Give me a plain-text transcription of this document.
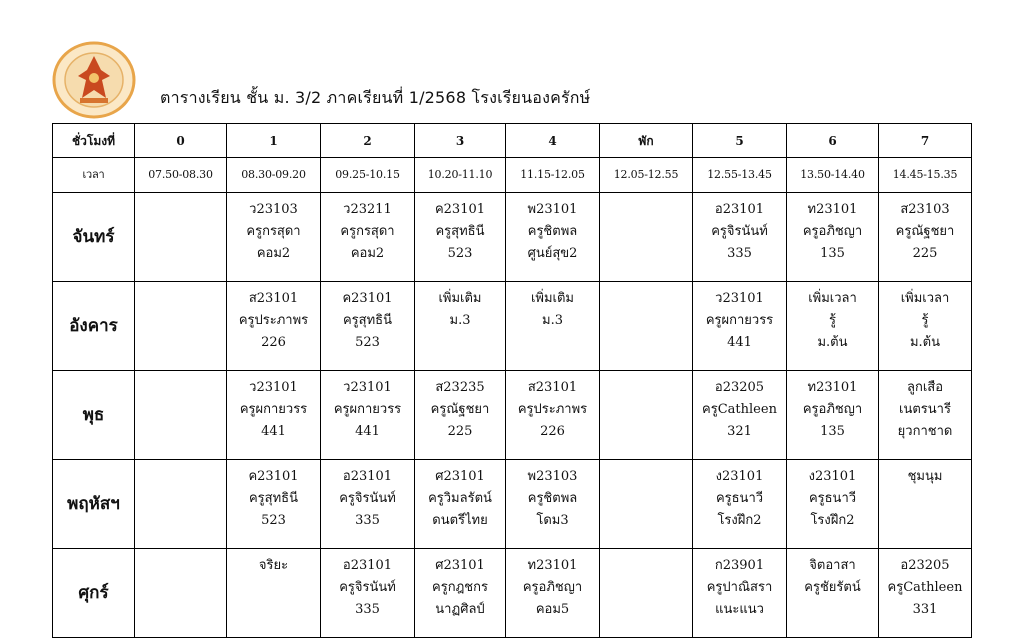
ตารางเรียน ชั้น ม. 3/2 ภาคเรียนที่ 1/2568 โรงเรียนองครักษ์
ชั่วโมงที่	0	1	2	3	4	พัก	5	6	7
เวลา	07.50-08.30	08.30-09.20	09.25-10.15	10.20-11.10	11.15-12.05	12.05-12.55	12.55-13.45	13.50-14.40	14.45-15.35
จันทร์		ว23103
ครูกรสุดา
คอม2	ว23211
ครูกรสุดา
คอม2	ค23101
ครูสุทธินี
523	พ23101
ครูชิตพล
ศูนย์สุข2		อ23101
ครูจิรนันท์
335	ท23101
ครูอภิชญา
135	ส23103
ครูณัฐชยา
225

อังคาร		ส23101
ครูประภาพร
226	ค23101
ครูสุทธินี
523	เพิ่มเติม
ม.3	เพิ่มเติม
ม.3		ว23101
ครูผกายวรร
441	เพิ่มเวลา
รู้
ม.ต้น	เพิ่มเวลา
รู้
ม.ต้น

พุธ		ว23101
ครูผกายวรร
441	ว23101
ครูผกายวรร
441	ส23235
ครูณัฐชยา
225	ส23101
ครูประภาพร
226		อ23205
ครูCathleen
321	ท23101
ครูอภิชญา
135	ลูกเสือ
เนตรนารี
ยุวกาชาด

พฤหัสฯ		ค23101
ครูสุทธินี
523	อ23101
ครูจิรนันท์
335	ศ23101
ครูวิมลรัตน์
ดนตรีไทย	พ23103
ครูชิตพล
โดม3		ง23101
ครูธนาวี
โรงฝึก2	ง23101
ครูธนาวี
โรงฝึก2	ชุมนุม

ศุกร์		จริยะ	อ23101
ครูจิรนันท์
335	ศ23101
ครูกฎชกร
นาฏศิลป์	ท23101
ครูอภิชญา
คอม5		ก23901
ครูปาณิสรา
แนะแนว	จิตอาสา
ครูชัยรัตน์	อ23205
ครูCathleen
331
